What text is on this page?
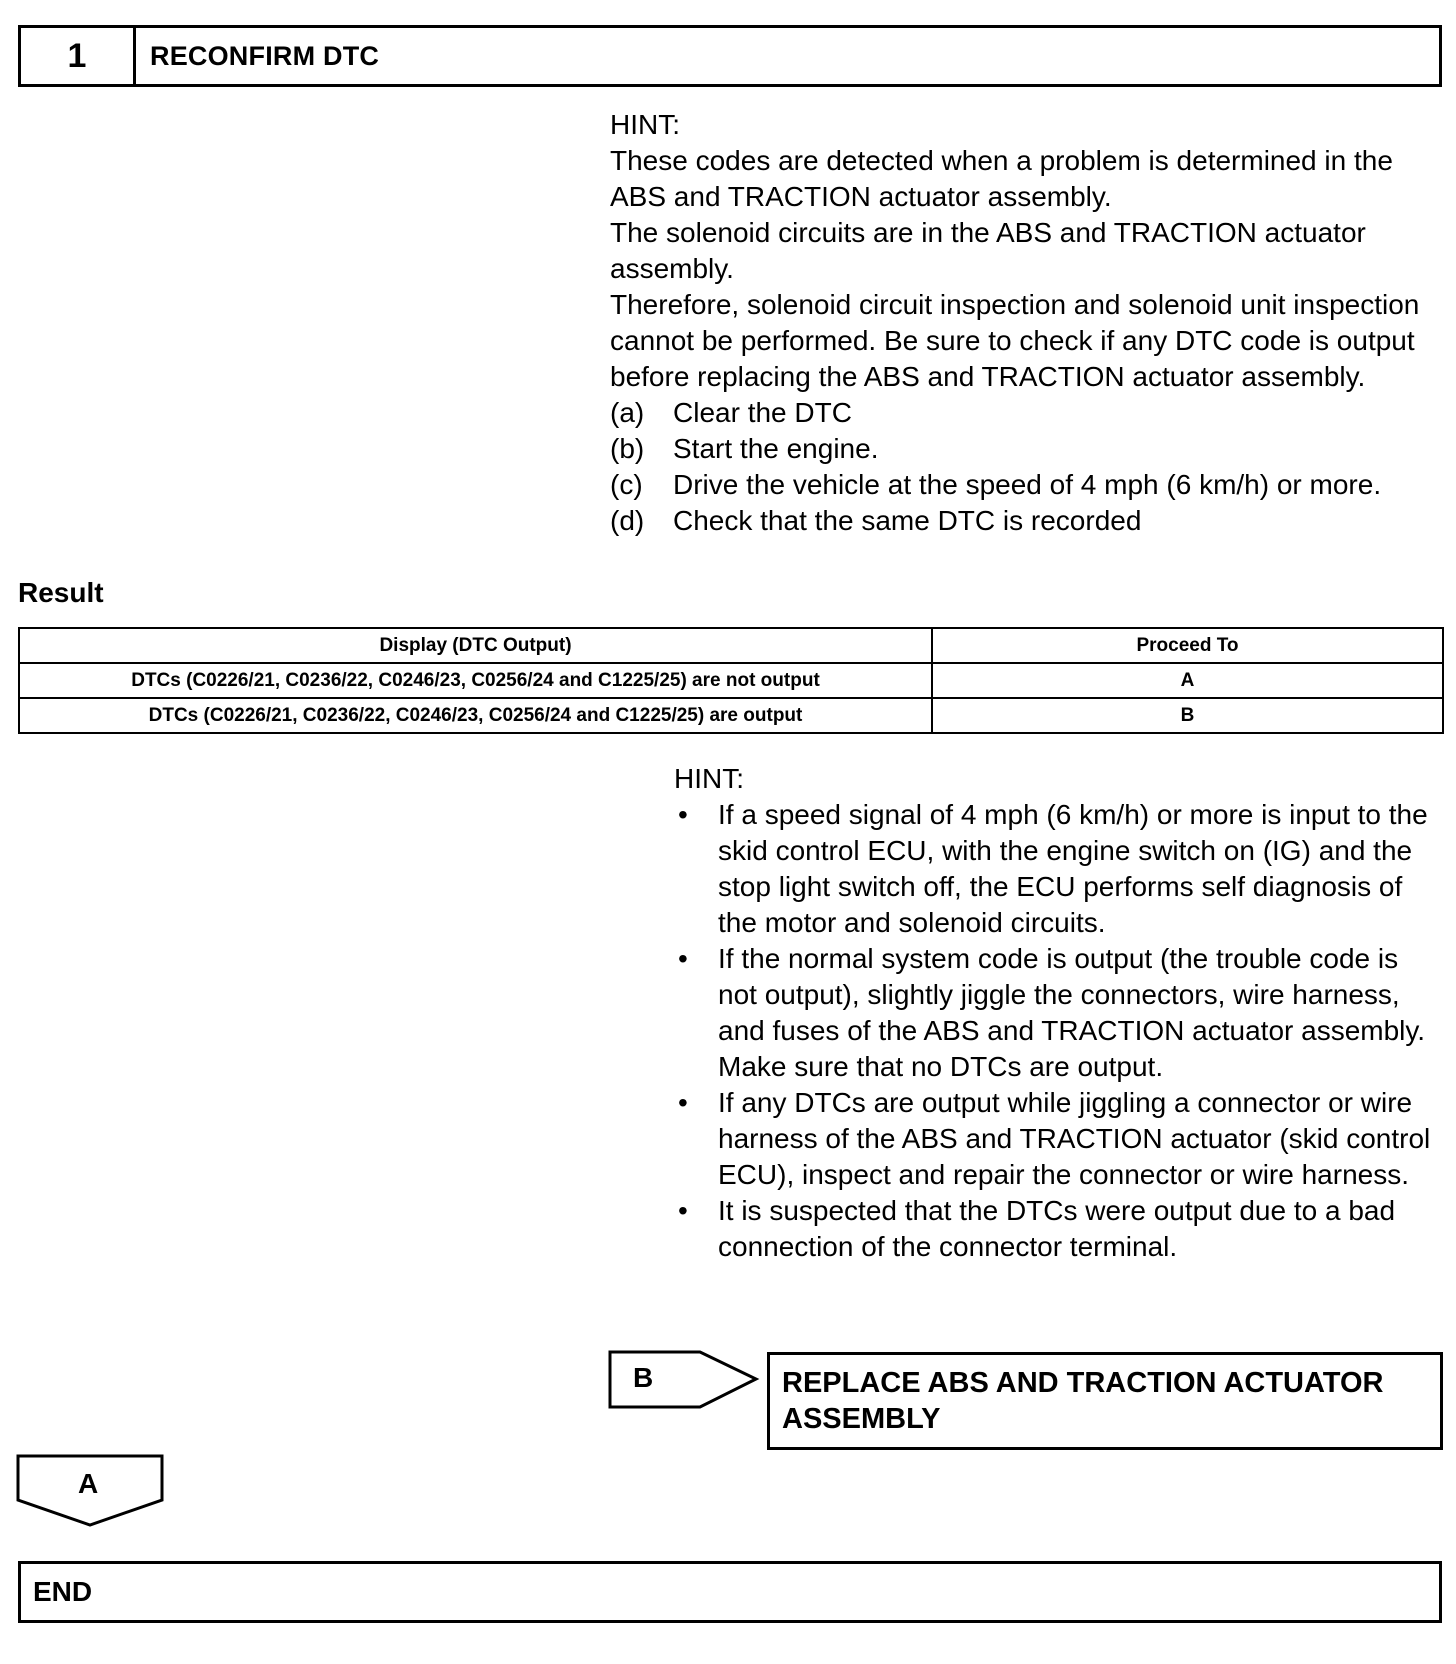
1	RECONFIRM DTC

HINT:

These codes are detected when a problem is determined in the ABS and TRACTION actuator assembly.

The solenoid circuits are in the ABS and TRACTION actuator assembly.

Therefore, solenoid circuit inspection and solenoid unit inspection cannot be performed. Be sure to check if any DTC code is output before replacing the ABS and TRACTION actuator assembly.

(a)	Clear the DTC
(b)	Start the engine.
(c)	Drive the vehicle at the speed of 4 mph (6 km/h) or more.
(d)	Check that the same DTC is recorded
Result
Display (DTC Output)	Proceed To
DTCs (C0226/21, C0236/22, C0246/23, C0256/24 and C1225/25) are not output	A
DTCs (C0226/21, C0236/22, C0246/23, C0256/24 and C1225/25) are output	B

HINT:

•	If a speed signal of 4 mph (6 km/h) or more is input to the skid control ECU, with the engine switch on (IG) and the stop light switch off, the ECU performs self diagnosis of the motor and solenoid circuits.
•	If the normal system code is output (the trouble code is not output), slightly jiggle the connectors, wire harness, and fuses of the ABS and TRACTION actuator assembly. Make sure that no DTCs are output.
•	If any DTCs are output while jiggling a connector or wire harness of the ABS and TRACTION actuator (skid control ECU), inspect and repair the connector or wire harness.
•	It is suspected that the DTCs were output due to a bad connection of the connector terminal.
B	REPLACE ABS AND TRACTION ACTUATOR ASSEMBLY
A
END
